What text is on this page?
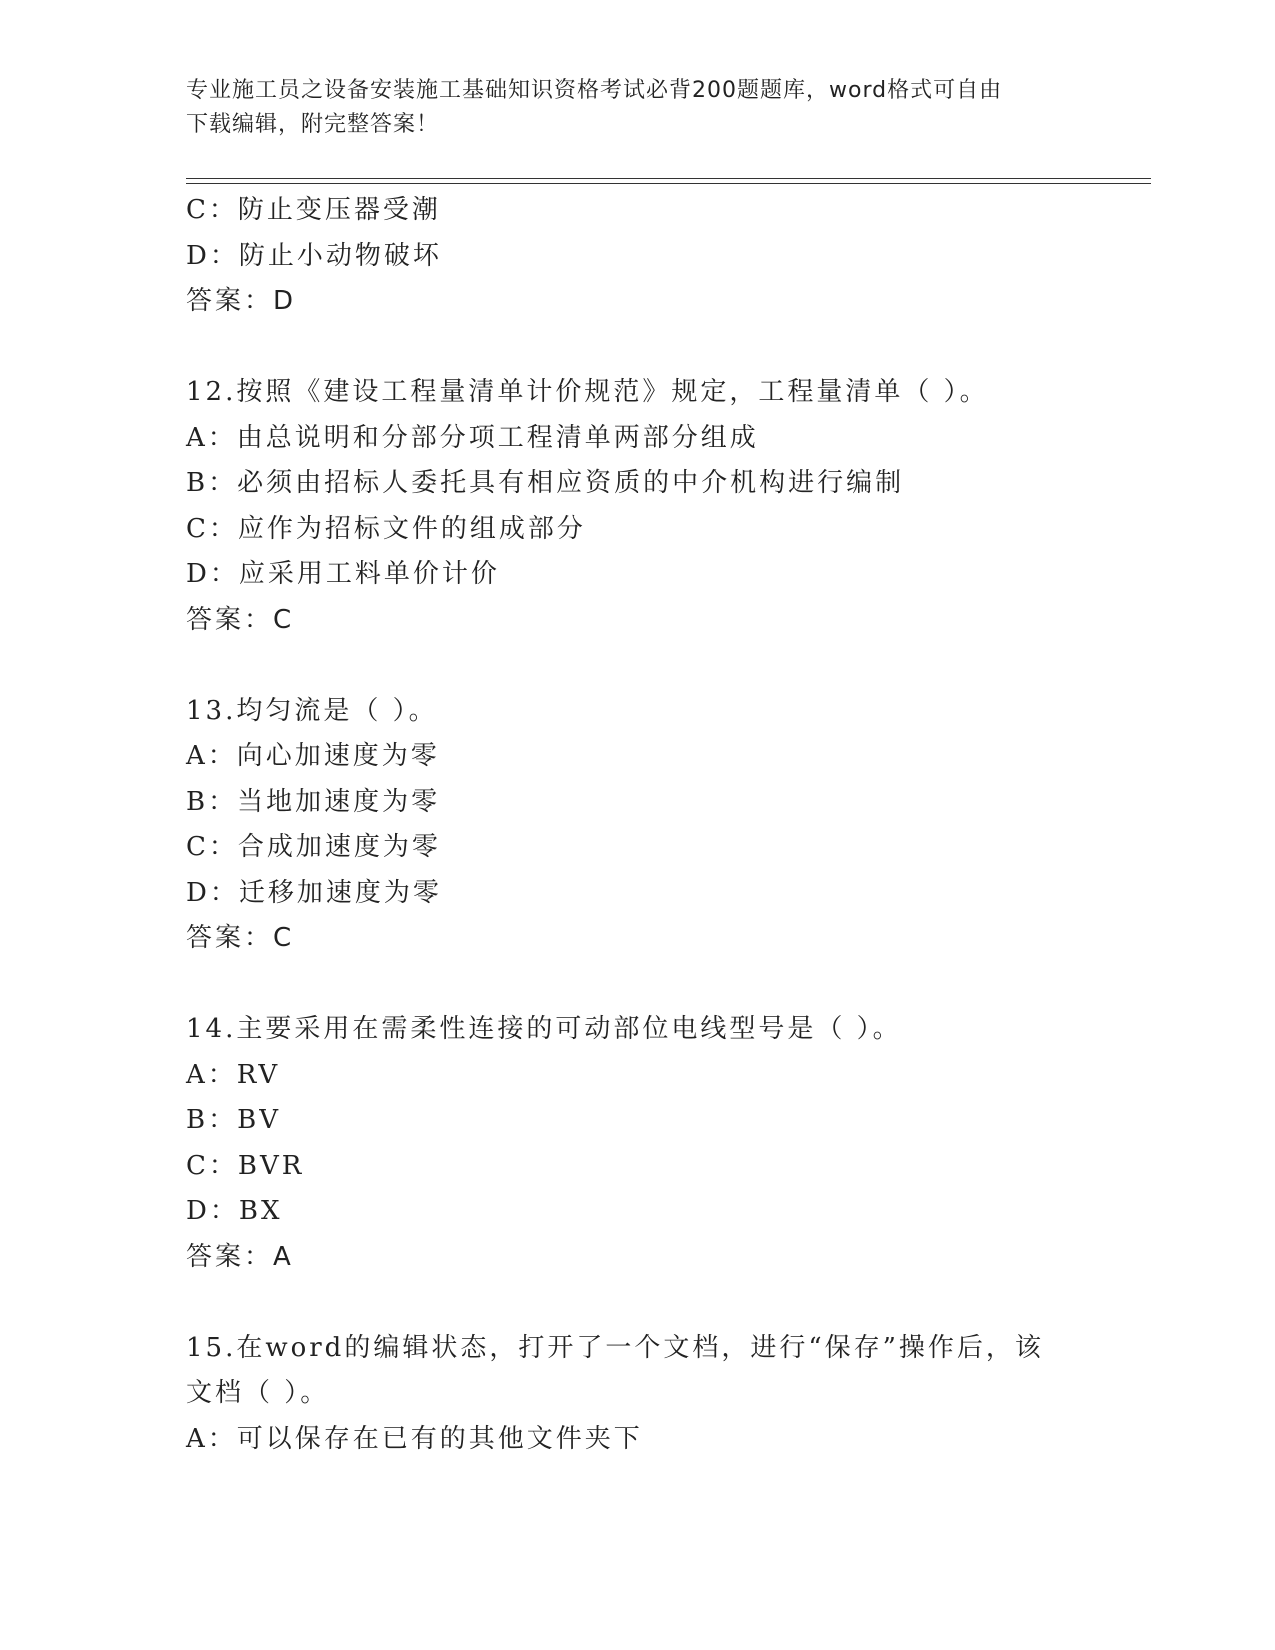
专业施工员之设备安装施工基础知识资格考试必背200题题库，word格式可自由
下载编辑，附完整答案！
C：防止变压器受潮
D：防止小动物破坏
答案：D
12.按照《建设工程量清单计价规范》规定，工程量清单（ ）。
A：由总说明和分部分项工程清单两部分组成
B：必须由招标人委托具有相应资质的中介机构进行编制
C：应作为招标文件的组成部分
D：应采用工料单价计价
答案：C
13.均匀流是（ ）。
A：向心加速度为零
B：当地加速度为零
C：合成加速度为零
D：迁移加速度为零
答案：C
14.主要采用在需柔性连接的可动部位电线型号是（ ）。
A：RV
B：BV
C：BVR
D：BX
答案：A
15.在word的编辑状态，打开了一个文档，进行“保存”操作后，该
文档（ ）。
A：可以保存在已有的其他文件夹下
